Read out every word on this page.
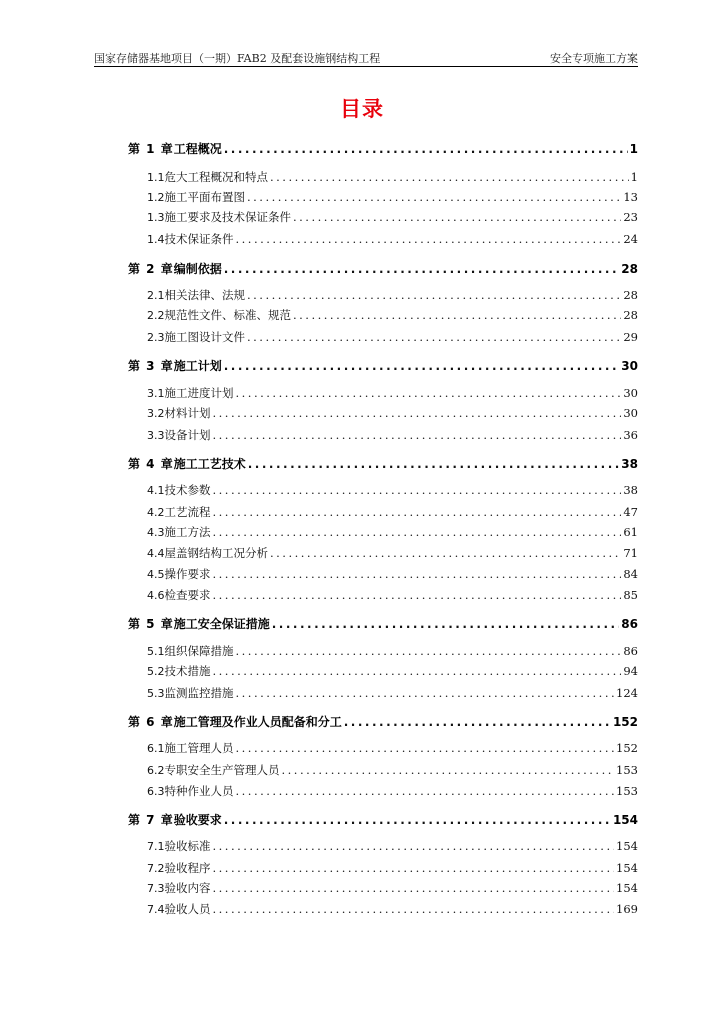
国家存储器基地项目（一期）FAB2 及配套设施钢结构工程	安全专项施工方案
目录
第 1 章 工程概况 .....	1
1.1 危大工程概况和特点 .....	1
1.2 施工平面布置图 .....	13
1.3 施工要求及技术保证条件 .....	23
1.4 技术保证条件 .....	24
第 2 章 编制依据 .....	28
2.1 相关法律、法规 .....	28
2.2 规范性文件、标准、规范 .....	28
2.3 施工图设计文件 .....	29
第 3 章 施工计划 .....	30
3.1 施工进度计划 .....	30
3.2 材料计划 .....	30
3.3 设备计划 .....	36
第 4 章 施工工艺技术 .....	38
4.1 技术参数 .....	38
4.2 工艺流程 .....	47
4.3 施工方法 .....	61
4.4 屋盖钢结构工况分析 .....	71
4.5 操作要求 .....	84
4.6 检查要求 .....	85
第 5 章 施工安全保证措施 .....	86
5.1 组织保障措施 .....	86
5.2 技术措施 .....	94
5.3 监测监控措施 .....	124
第 6 章 施工管理及作业人员配备和分工 .....	152
6.1 施工管理人员 .....	152
6.2 专职安全生产管理人员 .....	153
6.3 特种作业人员 .....	153
第 7 章 验收要求 .....	154
7.1 验收标准 .....	154
7.2 验收程序 .....	154
7.3 验收内容 .....	154
7.4 验收人员 .....	169
